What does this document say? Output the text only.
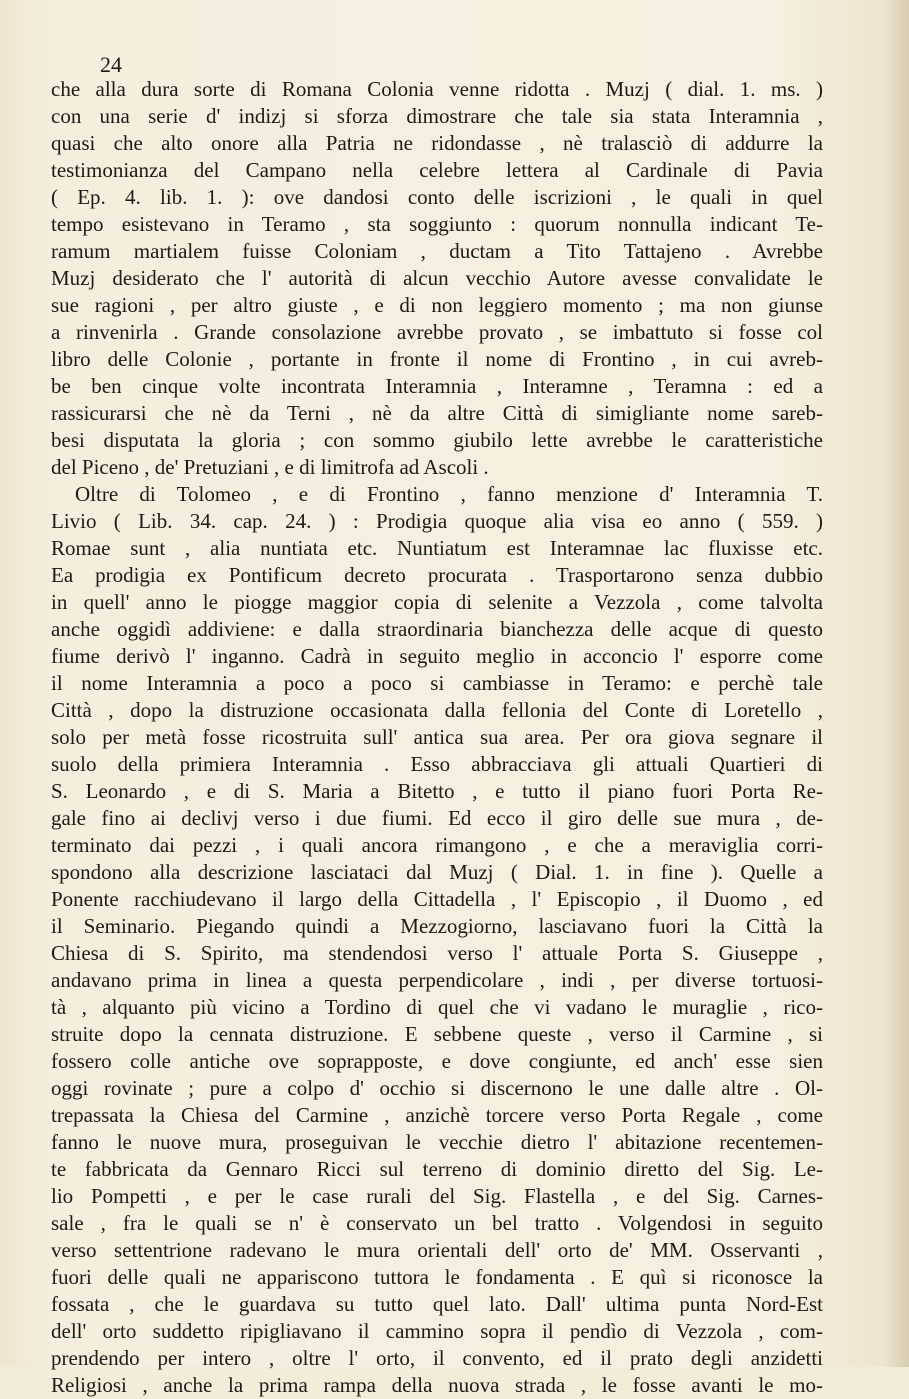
24
che alla dura sorte di Romana Colonia venne ridotta . Muzj ( dial. 1. ms. )
con una serie d' indizj si sforza dimostrare che tale sia stata Interamnia ,
quasi che alto onore alla Patria ne ridondasse , nè tralasciò di addurre la
testimonianza del Campano nella celebre lettera al Cardinale di Pavia
( Ep. 4. lib. 1. ): ove dandosi conto delle iscrizioni , le quali in quel
tempo esistevano in Teramo , sta soggiunto : quorum nonnulla indicant Te-
ramum martialem fuisse Coloniam , ductam a Tito Tattajeno . Avrebbe
Muzj desiderato che l' autorità di alcun vecchio Autore avesse convalidate le
sue ragioni , per altro giuste , e di non leggiero momento ; ma non giunse
a rinvenirla . Grande consolazione avrebbe provato , se imbattuto si fosse col
libro delle Colonie , portante in fronte il nome di Frontino , in cui avreb-
be ben cinque volte incontrata Interamnia , Interamne , Teramna : ed a
rassicurarsi che nè da Terni , nè da altre Città di simigliante nome sareb-
besi disputata la gloria ; con sommo giubilo lette avrebbe le caratteristiche
del Piceno , de' Pretuziani , e di limitrofa ad Ascoli .
Oltre di Tolomeo , e di Frontino , fanno menzione d' Interamnia T.
Livio ( Lib. 34. cap. 24. ) : Prodigia quoque alia visa eo anno ( 559. )
Romae sunt , alia nuntiata etc. Nuntiatum est Interamnae lac fluxisse etc.
Ea prodigia ex Pontificum decreto procurata . Trasportarono senza dubbio
in quell' anno le piogge maggior copia di selenite a Vezzola , come talvolta
anche oggidì addiviene: e dalla straordinaria bianchezza delle acque di questo
fiume derivò l' inganno. Cadrà in seguito meglio in acconcio l' esporre come
il nome Interamnia a poco a poco si cambiasse in Teramo: e perchè tale
Città , dopo la distruzione occasionata dalla fellonia del Conte di Loretello ,
solo per metà fosse ricostruita sull' antica sua area. Per ora giova segnare il
suolo della primiera Interamnia . Esso abbracciava gli attuali Quartieri di
S. Leonardo , e di S. Maria a Bitetto , e tutto il piano fuori Porta Re-
gale fino ai declivj verso i due fiumi. Ed ecco il giro delle sue mura , de-
terminato dai pezzi , i quali ancora rimangono , e che a meraviglia corri-
spondono alla descrizione lasciataci dal Muzj ( Dial. 1. in fine ). Quelle a
Ponente racchiudevano il largo della Cittadella , l' Episcopio , il Duomo , ed
il Seminario. Piegando quindi a Mezzogiorno, lasciavano fuori la Città la
Chiesa di S. Spirito, ma stendendosi verso l' attuale Porta S. Giuseppe ,
andavano prima in linea a questa perpendicolare , indi , per diverse tortuosi-
tà , alquanto più vicino a Tordino di quel che vi vadano le muraglie , rico-
struite dopo la cennata distruzione. E sebbene queste , verso il Carmine , si
fossero colle antiche ove soprapposte, e dove congiunte, ed anch' esse sien
oggi rovinate ; pure a colpo d' occhio si discernono le une dalle altre . Ol-
trepassata la Chiesa del Carmine , anzichè torcere verso Porta Regale , come
fanno le nuove mura, proseguivan le vecchie dietro l' abitazione recentemen-
te fabbricata da Gennaro Ricci sul terreno di dominio diretto del Sig. Le-
lio Pompetti , e per le case rurali del Sig. Flastella , e del Sig. Carnes-
sale , fra le quali se n' è conservato un bel tratto . Volgendosi in seguito
verso settentrione radevano le mura orientali dell' orto de' MM. Osservanti ,
fuori delle quali ne appariscono tuttora le fondamenta . E quì si riconosce la
fossata , che le guardava su tutto quel lato. Dall' ultima punta Nord-Est
dell' orto suddetto ripigliavano il cammino sopra il pendìo di Vezzola , com-
prendendo per intero , oltre l' orto, il convento, ed il prato degli anzidetti
Religiosi , anche la prima rampa della nuova strada , le fosse avanti le mo-
